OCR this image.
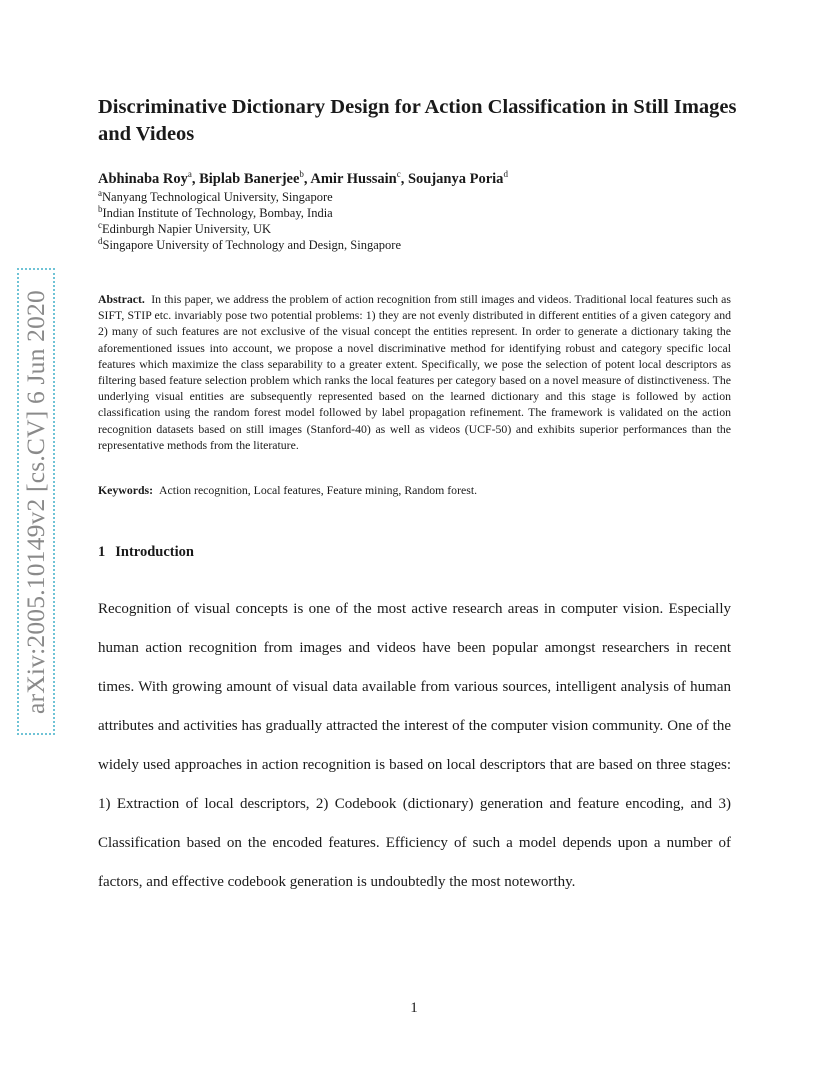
arXiv:2005.10149v2 [cs.CV] 6 Jun 2020
Discriminative Dictionary Design for Action Classification in Still Images and Videos
Abhinaba Roy$^a$, Biplab Banerjee$^b$, Amir Hussain$^c$, Soujanya Poria$^d$
$^a$Nanyang Technological University, Singapore
$^b$Indian Institute of Technology, Bombay, India
$^c$Edinburgh Napier University, UK
$^d$Singapore University of Technology and Design, Singapore

Abstract. In this paper, we address the problem of action recognition from still images and videos. Traditional local features such as SIFT, STIP etc. invariably pose two potential problems: 1) they are not evenly distributed in different entities of a given category and 2) many of such features are not exclusive of the visual concept the entities represent. In order to generate a dictionary taking the aforementioned issues into account, we propose a novel discriminative method for identifying robust and category specific local features which maximize the class separability to a greater extent. Specifically, we pose the selection of potent local descriptors as filtering based feature selection problem which ranks the local features per category based on a novel measure of distinctiveness. The underlying visual entities are subsequently represented based on the learned dictionary and this stage is followed by action classification using the random forest model followed by label propagation refinement. The framework is validated on the action recognition datasets based on still images (Stanford-40) as well as videos (UCF-50) and exhibits superior performances than the representative methods from the literature.

Keywords: Action recognition, Local features, Feature mining, Random forest.
1 Introduction

Recognition of visual concepts is one of the most active research areas in computer vision. Especially human action recognition from images and videos have been popular amongst researchers in recent times. With growing amount of visual data available from various sources, intelligent analysis of human attributes and activities has gradually attracted the interest of the computer vision community. One of the widely used approaches in action recognition is based on local descriptors that are based on three stages: 1) Extraction of local descriptors, 2) Codebook (dictionary) generation and feature encoding, and 3) Classification based on the encoded features. Efficiency of such a model depends upon a number of factors, and effective codebook generation is undoubtedly the most noteworthy.

1
